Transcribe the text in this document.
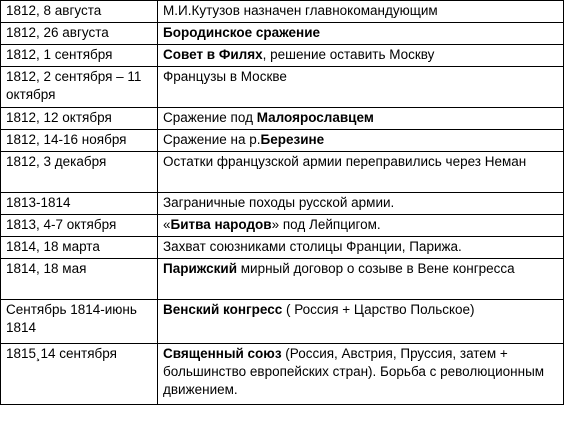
1812, 8 августа	М.И.Кутузов назначен главнокомандующим
1812, 26 августа	Бородинское сражение
1812, 1 сентября	Совет в Филях, решение оставить Москву
1812, 2 сентября – 11 октября	Французы в Москве
1812, 12 октября	Сражение под Малоярославцем
1812, 14-16 ноября	Сражение на р.Березине
1812, 3 декабря	Остатки французской армии переправились через Неман
1813-1814	Заграничные походы русской армии.
1813, 4-7 октября	«Битва народов» под Лейпцигом.
1814, 18 марта	Захват союзниками столицы Франции, Парижа.
1814, 18 мая	Парижский мирный договор о созыве в Вене конгресса
Сентябрь 1814-июнь 1814	Венский конгресс ( Россия + Царство Польское)
1815¸14 сентября	Священный союз (Россия, Австрия, Пруссия, затем + большинство европейских стран). Борьба с революционным движением.
